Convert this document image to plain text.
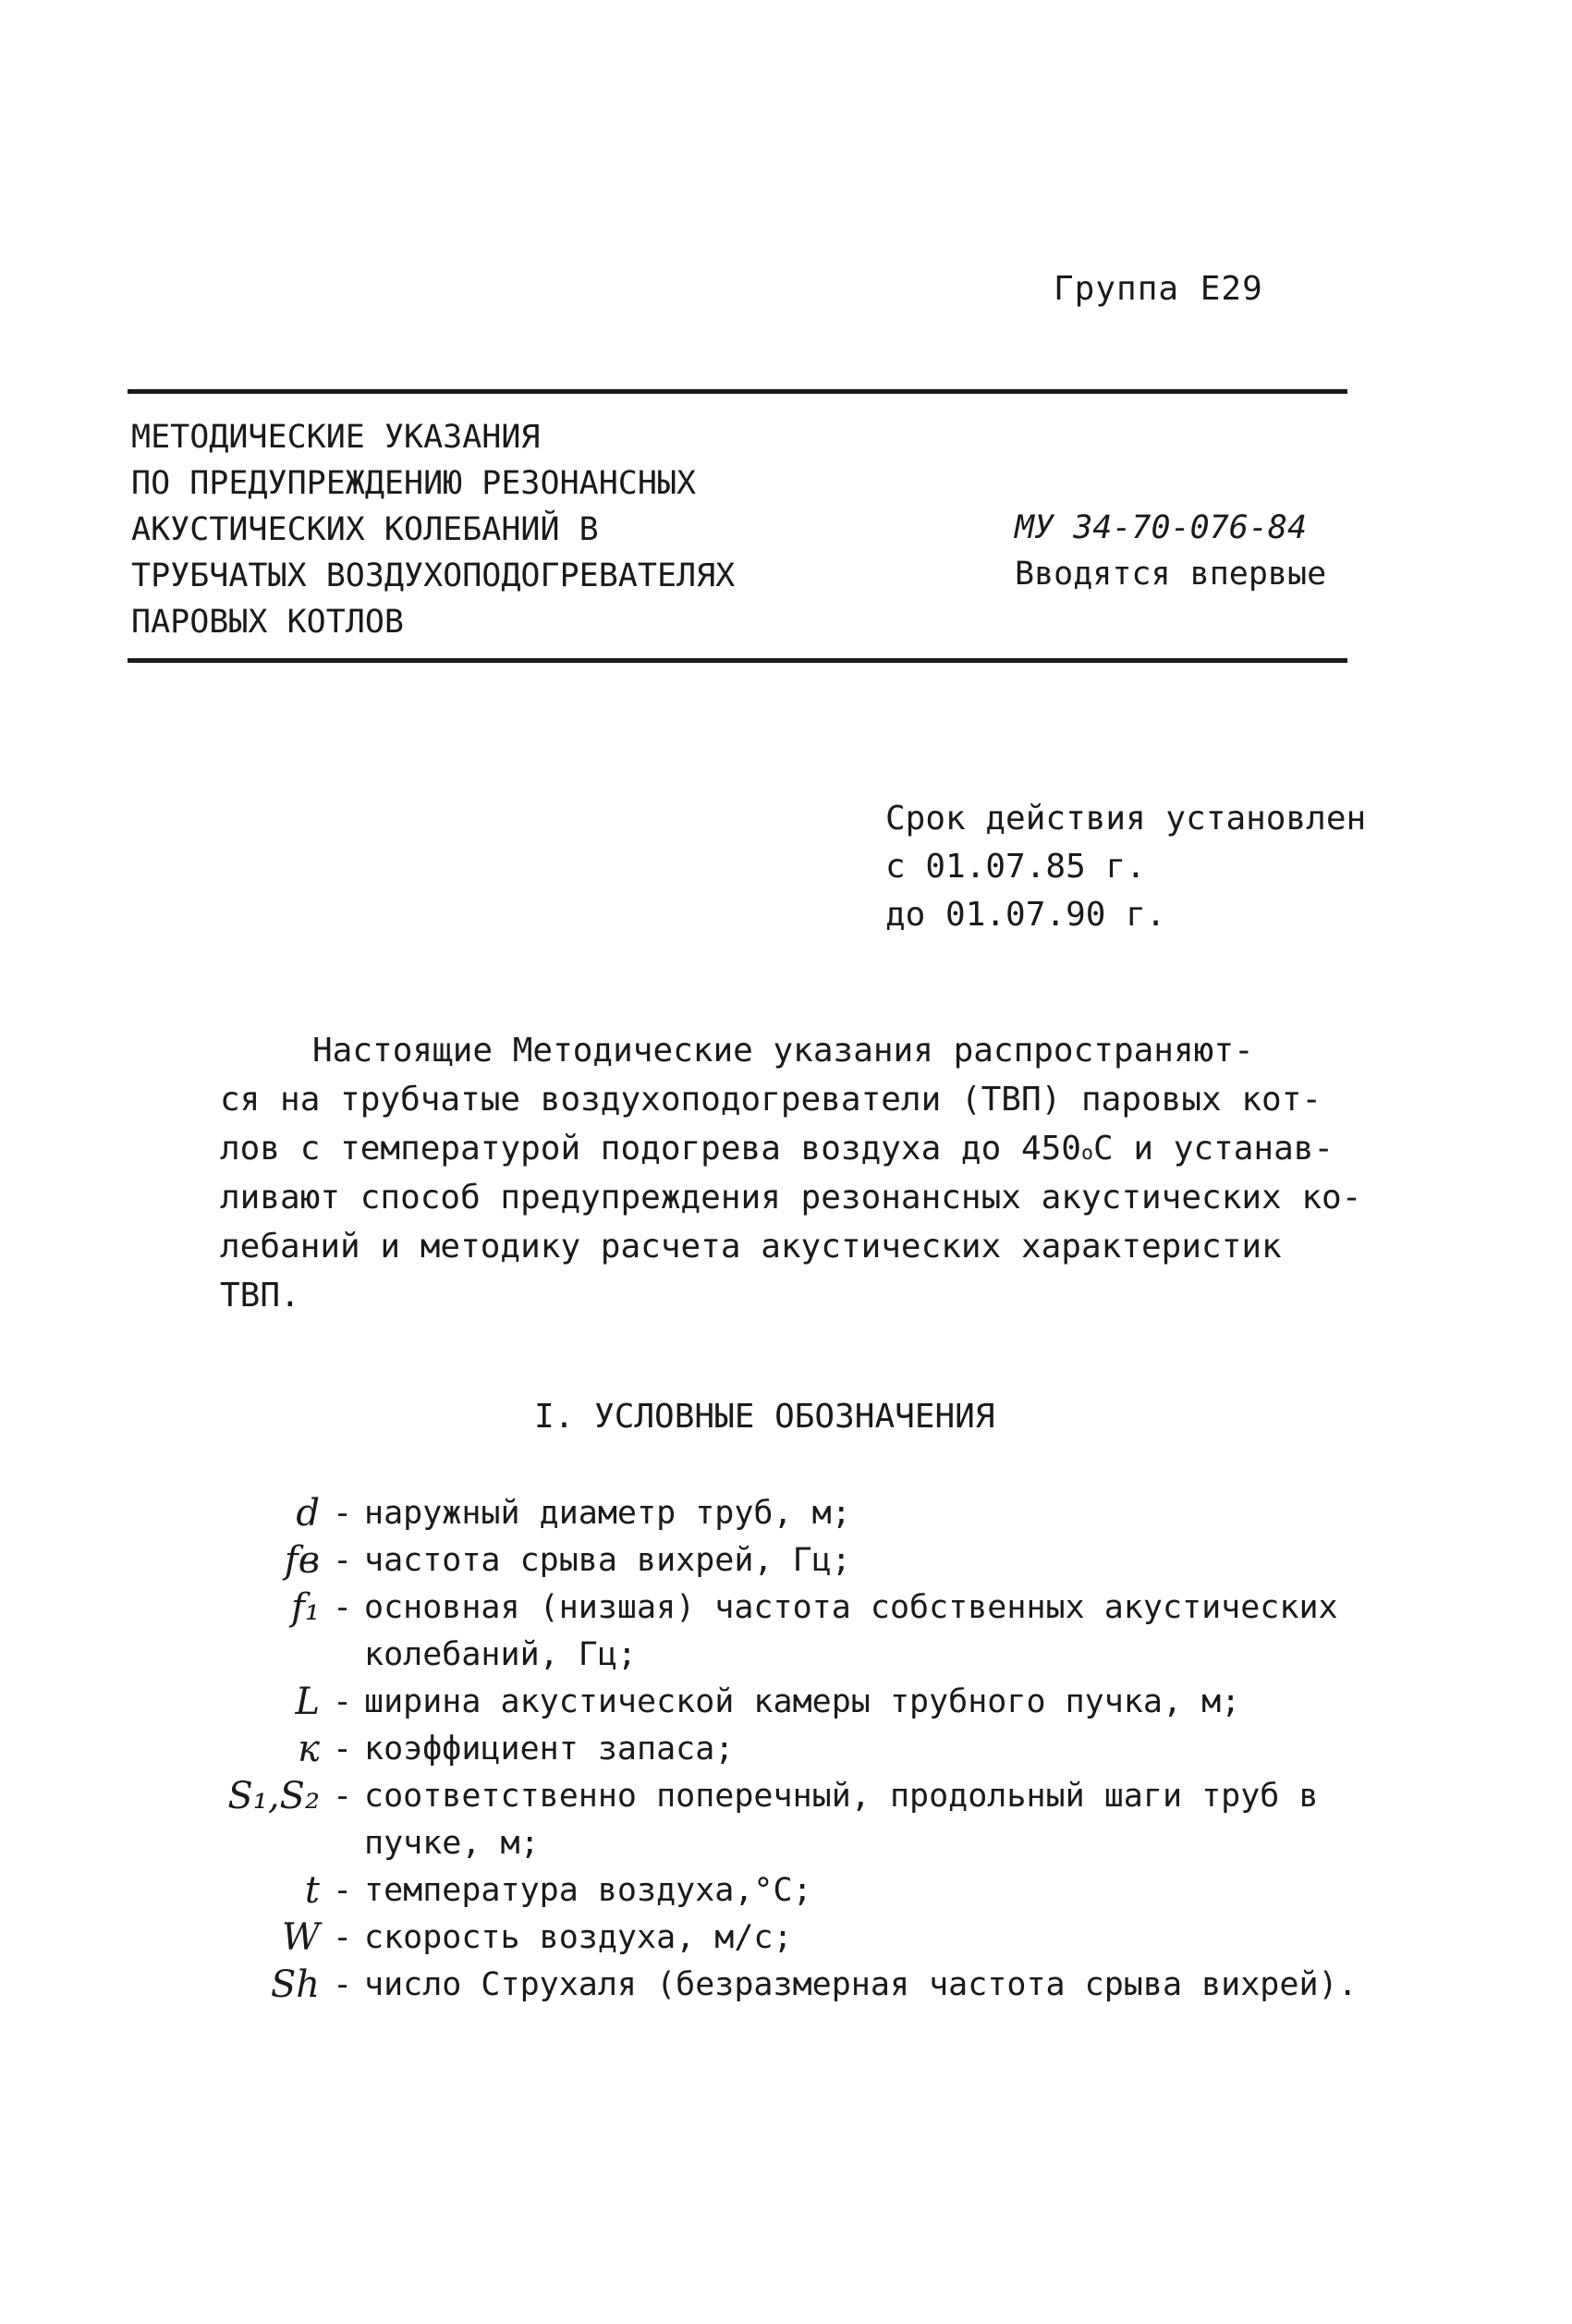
Группа Е29
МЕТОДИЧЕСКИЕ УКАЗАНИЯ
ПО ПРЕДУПРЕЖДЕНИЮ РЕЗОНАНСНЫХ
АКУСТИЧЕСКИХ КОЛЕБАНИЙ В
ТРУБЧАТЫХ ВОЗДУХОПОДОГРЕВАТЕЛЯХ
ПАРОВЫХ КОТЛОВ
МУ 34-70-076-84
Вводятся впервые
Срок действия установлен
с 01.07.85 г.
до 01.07.90 г.
Настоящие Методические указания распространяют-
ся на трубчатые воздухоподогреватели (ТВП) паровых кот-
лов с температурой подогрева воздуха до $450^оС$ и устанав-
ливают способ предупреждения резонансных акустических ко-
лебаний и методику расчета акустических характеристик
ТВП.
I. УСЛОВНЫЕ ОБОЗНАЧЕНИЯ
d - наружный диаметр труб, м;
fв - частота срыва вихрей, Гц;
f₁ - основная (низшая) частота собственных акустических
колебаний, Гц;
L - ширина акустической камеры трубного пучка, м;
к - коэффициент запаса;
S₁,S₂ - соответственно поперечный, продольный шаги труб в
пучке, м;
t - температура воздуха,°С;
W - скорость воздуха, м/с;
Sh - число Струхаля (безразмерная частота срыва вихрей).
